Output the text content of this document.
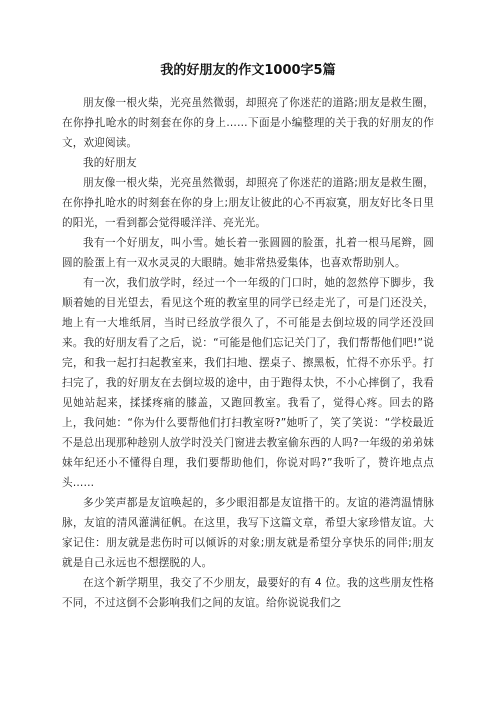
我的好朋友的作文1000字5篇

朋友像一根火柴，光亮虽然微弱，却照亮了你迷茫的道路;朋友是救生圈，在你挣扎呛水的时刻套在你的身上……下面是小编整理的关于我的好朋友的作文，欢迎阅读。

我的好朋友

朋友像一根火柴，光亮虽然微弱，却照亮了你迷茫的道路;朋友是救生圈，在你挣扎呛水的时刻套在你的身上;朋友让彼此的心不再寂寞，朋友好比冬日里的阳光，一看到都会觉得暖洋洋、亮光光。

我有一个好朋友，叫小雪。她长着一张圆圆的脸蛋，扎着一根马尾辫，圆圆的脸蛋上有一双水灵灵的大眼睛。她非常热爱集体，也喜欢帮助别人。

有一次，我们放学时，经过一个一年级的门口时，她的忽然停下脚步，我顺着她的目光望去，看见这个班的教室里的同学已经走光了，可是门还没关，地上有一大堆纸屑，当时已经放学很久了，不可能是去倒垃圾的同学还没回来。我的好朋友看了之后，说：“可能是他们忘记关门了，我们帮帮他们吧!”说完，和我一起打扫起教室来，我们扫地、摆桌子、擦黑板，忙得不亦乐乎。打扫完了，我的好朋友在去倒垃圾的途中，由于跑得太快，不小心摔倒了，我看见她站起来，揉揉疼痛的膝盖，又跑回教室。我看了，觉得心疼。回去的路上，我问她：“你为什么要帮他们打扫教室呀?”她听了，笑了笑说：“学校最近不是总出现那种趁别人放学时没关门窗进去教室偷东西的人吗?一年级的弟弟妹妹年纪还小不懂得自理，我们要帮助他们，你说对吗?”我听了，赞许地点点头……

多少笑声都是友谊唤起的，多少眼泪都是友谊揩干的。友谊的港湾温情脉脉，友谊的清风灌满征帆。在这里，我写下这篇文章，希望大家珍惜友谊。大家记住：朋友就是悲伤时可以倾诉的对象;朋友就是希望分享快乐的同伴;朋友就是自己永远也不想摆脱的人。

在这个新学期里，我交了不少朋友，最要好的有 4 位。我的这些朋友性格不同，不过这倒不会影响我们之间的友谊。给你说说我们之
